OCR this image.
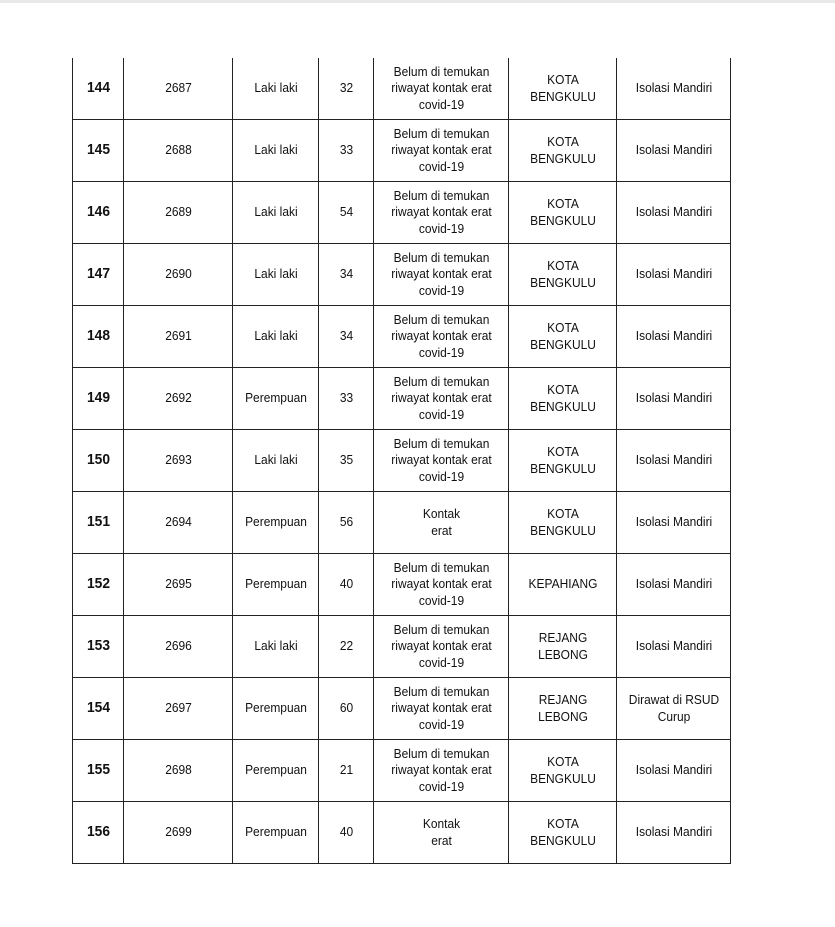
144	2687	Laki laki	32	Belum di temukan
riwayat kontak erat
covid-19	KOTA
BENGKULU	Isolasi Mandiri

145	2688	Laki laki	33	Belum di temukan
riwayat kontak erat
covid-19	KOTA
BENGKULU	Isolasi Mandiri

146	2689	Laki laki	54	Belum di temukan
riwayat kontak erat
covid-19	KOTA
BENGKULU	Isolasi Mandiri

147	2690	Laki laki	34	Belum di temukan
riwayat kontak erat
covid-19	KOTA
BENGKULU	Isolasi Mandiri

148	2691	Laki laki	34	Belum di temukan
riwayat kontak erat
covid-19	KOTA
BENGKULU	Isolasi Mandiri

149	2692	Perempuan	33	Belum di temukan
riwayat kontak erat
covid-19	KOTA
BENGKULU	Isolasi Mandiri

150	2693	Laki laki	35	Belum di temukan
riwayat kontak erat
covid-19	KOTA
BENGKULU	Isolasi Mandiri

151	2694	Perempuan	56	Kontak
erat	KOTA
BENGKULU	Isolasi Mandiri

152	2695	Perempuan	40	Belum di temukan
riwayat kontak erat
covid-19	KEPAHIANG	Isolasi Mandiri

153	2696	Laki laki	22	Belum di temukan
riwayat kontak erat
covid-19	REJANG
LEBONG	Isolasi Mandiri

154	2697	Perempuan	60	Belum di temukan
riwayat kontak erat
covid-19	REJANG
LEBONG	Dirawat di RSUD
Curup

155	2698	Perempuan	21	Belum di temukan
riwayat kontak erat
covid-19	KOTA
BENGKULU	Isolasi Mandiri

156	2699	Perempuan	40	Kontak
erat	KOTA
BENGKULU	Isolasi Mandiri
